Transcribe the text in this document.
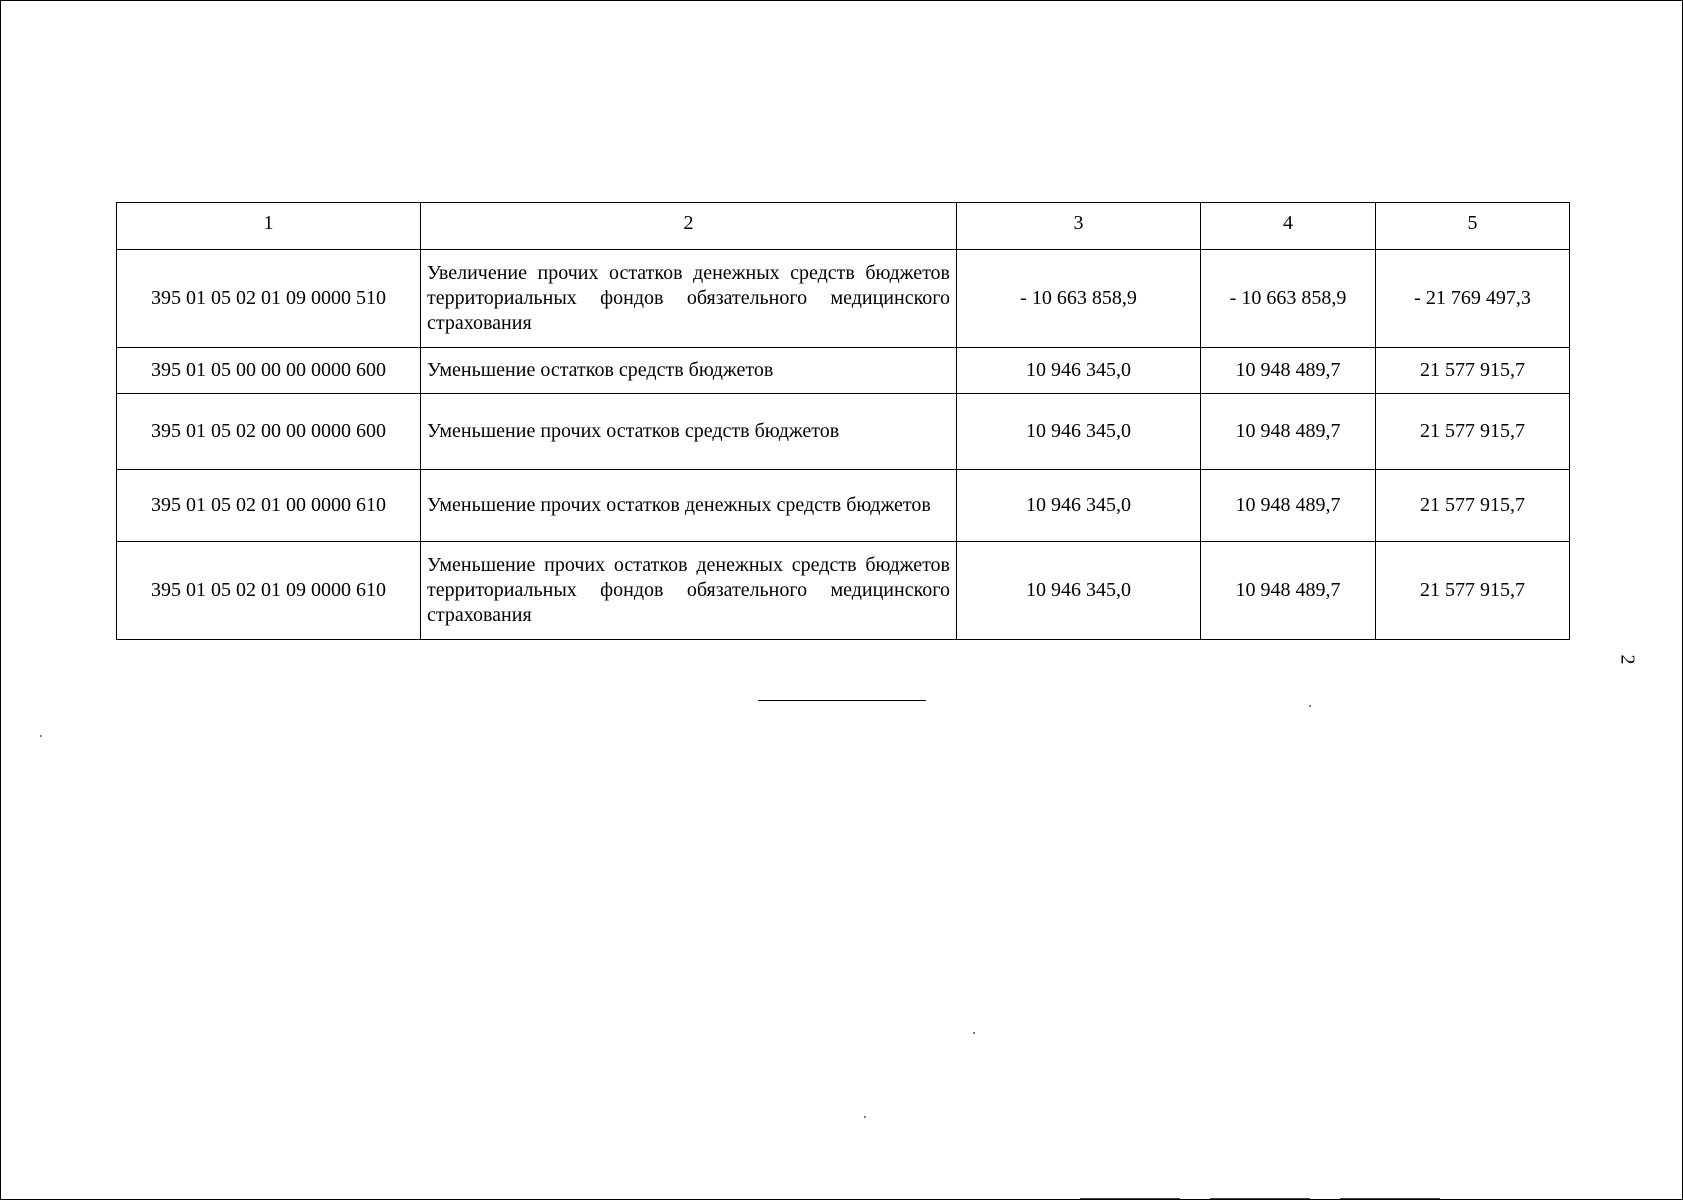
1	2	3	4	5
395 01 05 02 01 09 0000 510	Увеличение прочих остатков денежных средств бюджетов территориальных фондов обязательного медицинского страхования	- 10 663 858,9	- 10 663 858,9	- 21 769 497,3
395 01 05 00 00 00 0000 600	Уменьшение остатков средств бюджетов	10 946 345,0	10 948 489,7	21 577 915,7
395 01 05 02 00 00 0000 600	Уменьшение прочих остатков средств бюджетов	10 946 345,0	10 948 489,7	21 577 915,7
395 01 05 02 01 00 0000 610	Уменьшение прочих остатков денежных средств бюджетов	10 946 345,0	10 948 489,7	21 577 915,7
395 01 05 02 01 09 0000 610	Уменьшение прочих остатков денежных средств бюджетов территориальных фондов обязательного медицинского страхования	10 946 345,0	10 948 489,7	21 577 915,7
2
